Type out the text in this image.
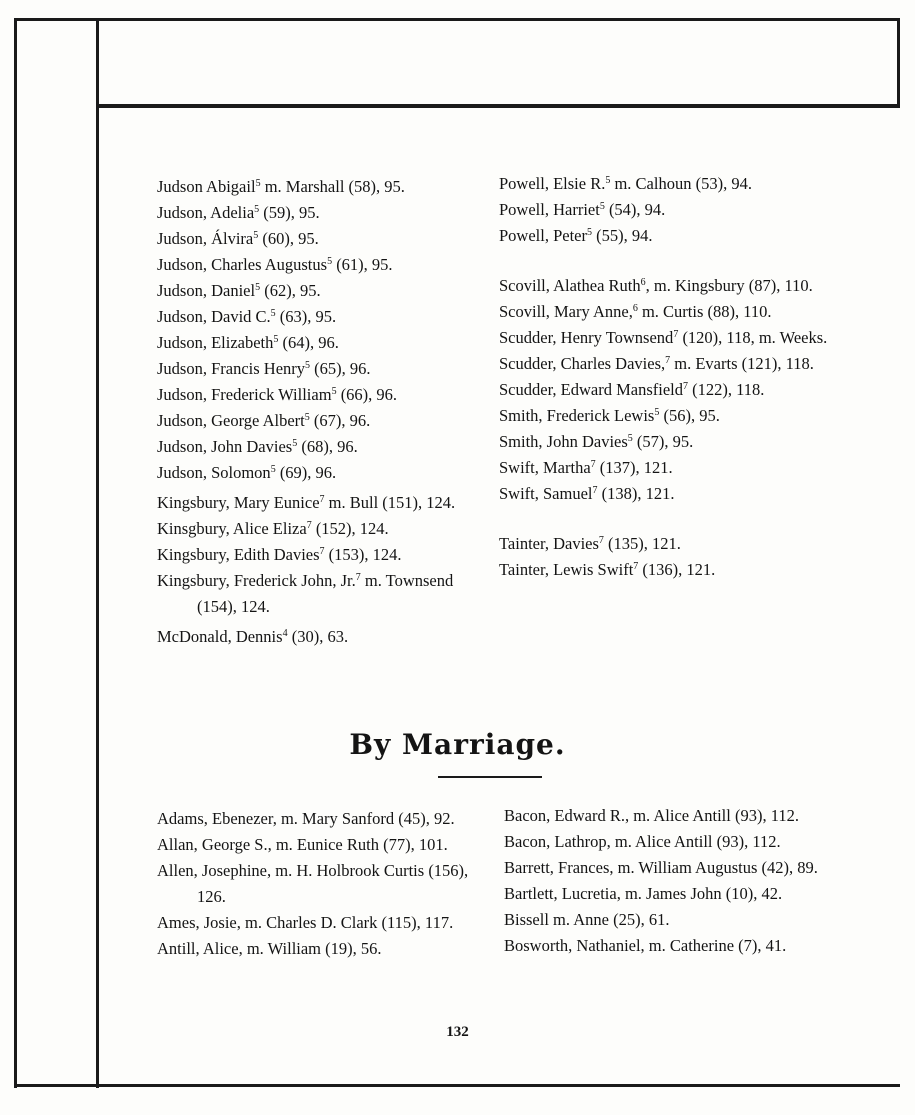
Judson Abigail$^5$ m. Marshall (58), 95.
Judson, Adelia$^5$ (59), 95.
Judson, Álvira$^5$ (60), 95.
Judson, Charles Augustus$^5$ (61), 95.
Judson, Daniel$^5$ (62), 95.
Judson, David C.$^5$ (63), 95.
Judson, Elizabeth$^5$ (64), 96.
Judson, Francis Henry$^5$ (65), 96.
Judson, Frederick William$^5$ (66), 96.
Judson, George Albert$^5$ (67), 96.
Judson, John Davies$^5$ (68), 96.
Judson, Solomon$^5$ (69), 96.
Kingsbury, Mary Eunice$^7$ m. Bull (151), 124.
Kinsgbury, Alice Eliza$^7$ (152), 124.
Kingsbury, Edith Davies$^7$ (153), 124.
Kingsbury, Frederick John, Jr.$^7$ m. Townsend (154), 124.
McDonald, Dennis$^4$ (30), 63.
Powell, Elsie R.$^5$ m. Calhoun (53), 94.
Powell, Harriet$^5$ (54), 94.
Powell, Peter$^5$ (55), 94.
Scovill, Alathea Ruth$^6$, m. Kingsbury (87), 110.
Scovill, Mary Anne,$^6$ m. Curtis (88), 110.
Scudder, Henry Townsend$^7$ (120), 118, m. Weeks.
Scudder, Charles Davies,$^7$ m. Evarts (121), 118.
Scudder, Edward Mansfield$^7$ (122), 118.
Smith, Frederick Lewis$^5$ (56), 95.
Smith, John Davies$^5$ (57), 95.
Swift, Martha$^7$ (137), 121.
Swift, Samuel$^7$ (138), 121.
Tainter, Davies$^7$ (135), 121.
Tainter, Lewis Swift$^7$ (136), 121.
By Marriage.
Adams, Ebenezer, m. Mary Sanford (45), 92.
Allan, George S., m. Eunice Ruth (77), 101.
Allen, Josephine, m. H. Holbrook Curtis (156), 126.
Ames, Josie, m. Charles D. Clark (115), 117.
Antill, Alice, m. William (19), 56.
Bacon, Edward R., m. Alice Antill (93), 112.
Bacon, Lathrop, m. Alice Antill (93), 112.
Barrett, Frances, m. William Augustus (42), 89.
Bartlett, Lucretia, m. James John (10), 42.
Bissell m. Anne (25), 61.
Bosworth, Nathaniel, m. Catherine (7), 41.
132
